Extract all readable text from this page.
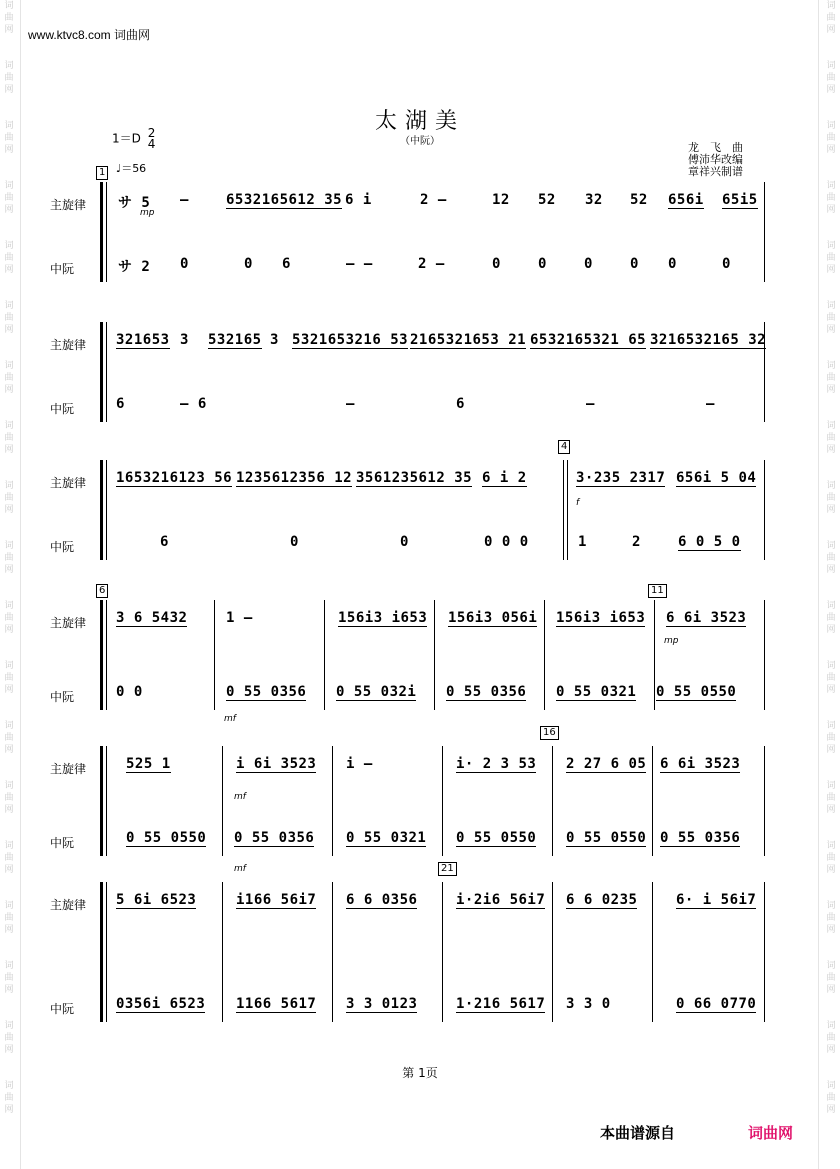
词
曲
网
词
曲
网
词
曲
网
词
曲
网
词
曲
网
词
曲
网
词
曲
网
词
曲
网
词
曲
网
词
曲
网
词
曲
网
词
曲
网
词
曲
网
词
曲
网
词
曲
网
词
曲
网
词
曲
网
词
曲
网
词
曲
网
词
曲
网
词
曲
网
词
曲
网
词
曲
网
词
曲
网
词
曲
网
词
曲
网
词
曲
网
词
曲
网
词
曲
网
词
曲
网
词
曲
网
词
曲
网
词
曲
网
词
曲
网
词
曲
网
词
曲
网
词
曲
网
词
曲
网
www.ktvc8.com 词曲网
太湖美
（中阮）
1＝D 2
4
♩＝56
龙　飞　曲
傅沛华改编
章祥兴制谱
主旋律
中阮
1
サ 5 –	6532165612 35 6 i	2 –	12 52 32 52 656i 65i5
サ 2 0	0 6	– –	2 –	0	0	0	0 0	0
主旋律
中阮
321653 3 532165 3 5321653216 53 2165321653 21 6532165321 65 3216532165 32
6	– 6	–	6	–	–
主旋律
中阮
4
1653216123 56 1235612356 12 3561235612 35 6 i 2	3·235 2317 656i 5 04
6	0	0	0 0 0	1	2	6 0 5 0
主旋律
中阮
6	11
3 6 5432	1 –	156i3 i653 156i3 056i 156i3 i653 6 6i 3523
0 0	0 55 0356 0 55 032i 0 55 0356 0 55 0321 0 55 0550
主旋律
中阮
16
525 1	i 6i 3523 i –	i· 2 3 53 2 27 6 05 6 6i 3523
0 55 0550 0 55 0356 0 55 0321 0 55 0550 0 55 0550 0 55 0356
主旋律
中阮
21
5 6i 6523	i166 56i7 6 6 0356	i·2i6 56i7 6 6 0235	6· i 56i7
0356i 6523 1166 5617 3 3 0123	1·216 5617 3 3 0	0 66 0770
第 1页
本曲谱源自	词曲网
mp
f
mp
mf
mf
mf
